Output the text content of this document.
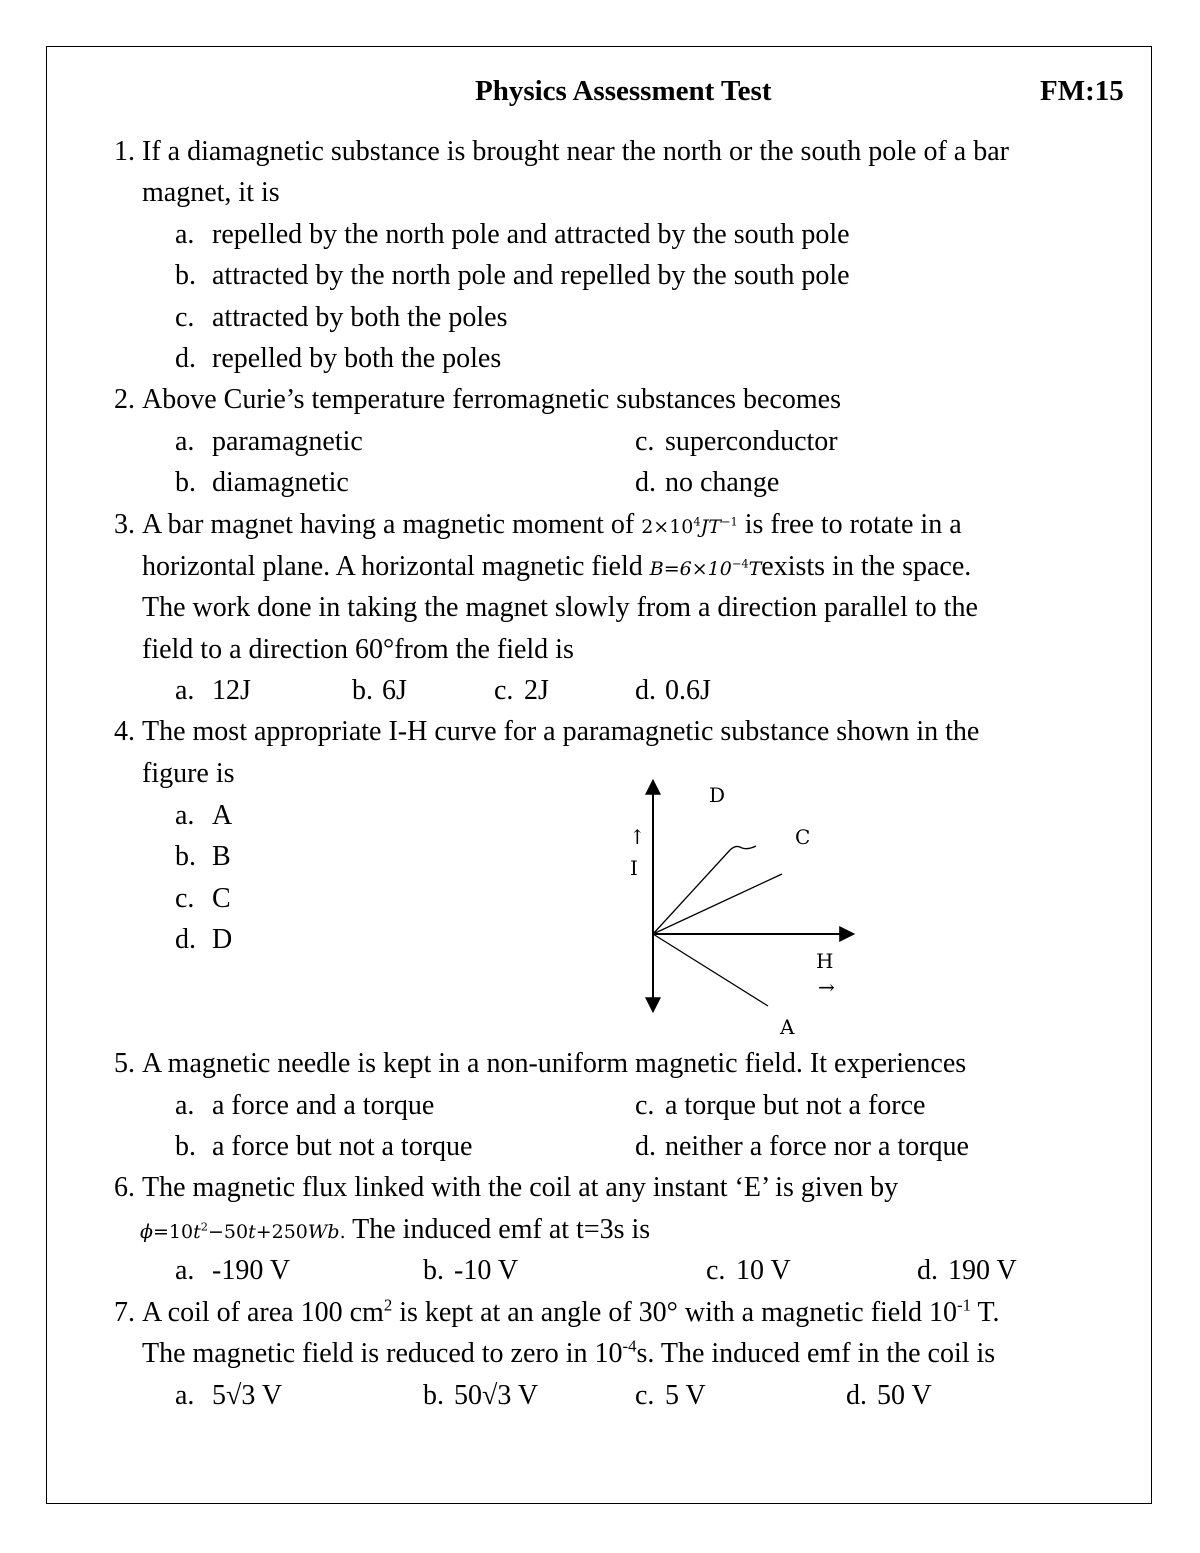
Physics Assessment Test	FM:15
1. If a diamagnetic substance is brought near the north or the south pole of a bar
magnet, it is
a. repelled by the north pole and attracted by the south pole
b. attracted by the north pole and repelled by the south pole
c. attracted by both the poles
d. repelled by both the poles
2. Above Curie’s temperature ferromagnetic substances becomes
a. paramagnetic
b. diamagnetic
c. superconductor
d. no change
3. A bar magnet having a magnetic moment of $2\times 10^4JT^{-1}$ is free to rotate in a
horizontal plane. A horizontal magnetic field $B=6\times 10^{-4}Texists$ in the space.
The work done in taking the magnet slowly from a direction parallel to the
field to a direction 60°from the field is
a. 12J	b. 6J	c. 2J	d. 0.6J
4. The most appropriate I-H curve for a paramagnetic substance shown in the
figure is
a. A
b. B
c. C
d. D
D
C
A
↑
I
H
→
5. A magnetic needle is kept in a non-uniform magnetic field. It experiences
a. a force and a torque
b. a force but not a torque
c. a torque but not a force
d. neither a force nor a torque
6. The magnetic flux linked with the coil at any instant ‘E’ is given by
$\phi=10t^2-50t+250Wb$. The induced emf at t=3s is
a. -190 V	b. -10 V	c. 10 V	d. 190 V
7. A coil of area 100 $cm^2$ is kept at an angle of 30° with a magnetic field $10^{-1}$ T.
The magnetic field is reduced to zero in $10^{-4}s$. The induced emf in the coil is
a. 5√3 V	b. 50√3 V	c. 5 V	d. 50 V
